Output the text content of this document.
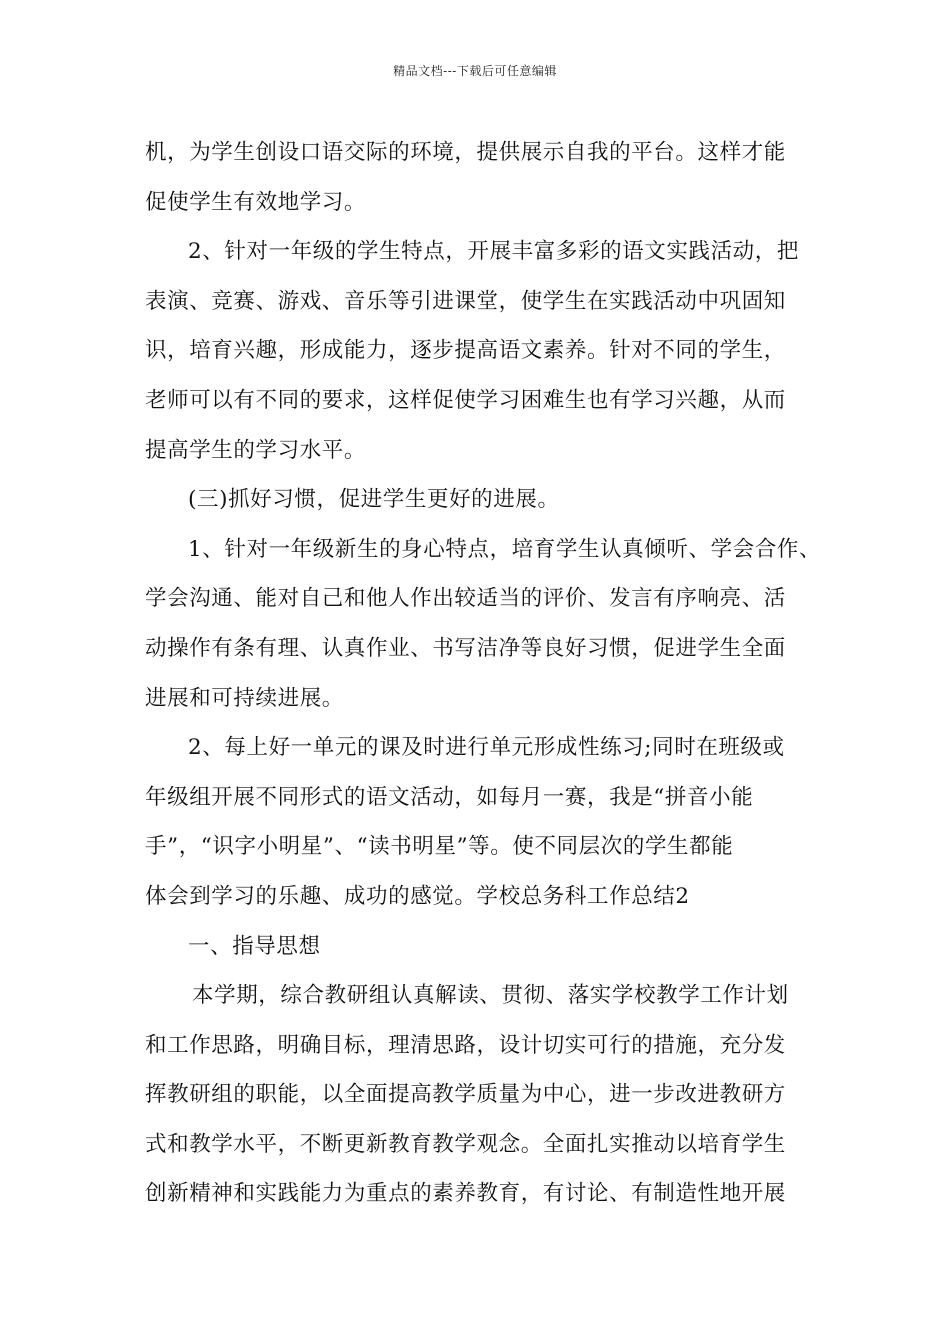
精品文档---下载后可任意编辑
机，为学生创设口语交际的环境，提供展示自我的平台。这样才能
促使学生有效地学习。
2、针对一年级的学生特点，开展丰富多彩的语文实践活动，把
表演、竞赛、游戏、音乐等引进课堂，使学生在实践活动中巩固知
识，培育兴趣，形成能力，逐步提高语文素养。针对不同的学生，
老师可以有不同的要求，这样促使学习困难生也有学习兴趣，从而
提高学生的学习水平。
(三)抓好习惯，促进学生更好的进展。
1、针对一年级新生的身心特点，培育学生认真倾听、学会合作、
学会沟通、能对自己和他人作出较适当的评价、发言有序响亮、活
动操作有条有理、认真作业、书写洁净等良好习惯，促进学生全面
进展和可持续进展。
2、每上好一单元的课及时进行单元形成性练习;同时在班级或
年级组开展不同形式的语文活动，如每月一赛，我是“拼音小能
手”，“识字小明星”、“读书明星”等。使不同层次的学生都能
体会到学习的乐趣、成功的感觉。学校总务科工作总结2
一、指导思想
本学期，综合教研组认真解读、贯彻、落实学校教学工作计划
和工作思路，明确目标，理清思路，设计切实可行的措施，充分发
挥教研组的职能，以全面提高教学质量为中心，进一步改进教研方
式和教学水平，不断更新教育教学观念。全面扎实推动以培育学生
创新精神和实践能力为重点的素养教育，有讨论、有制造性地开展
